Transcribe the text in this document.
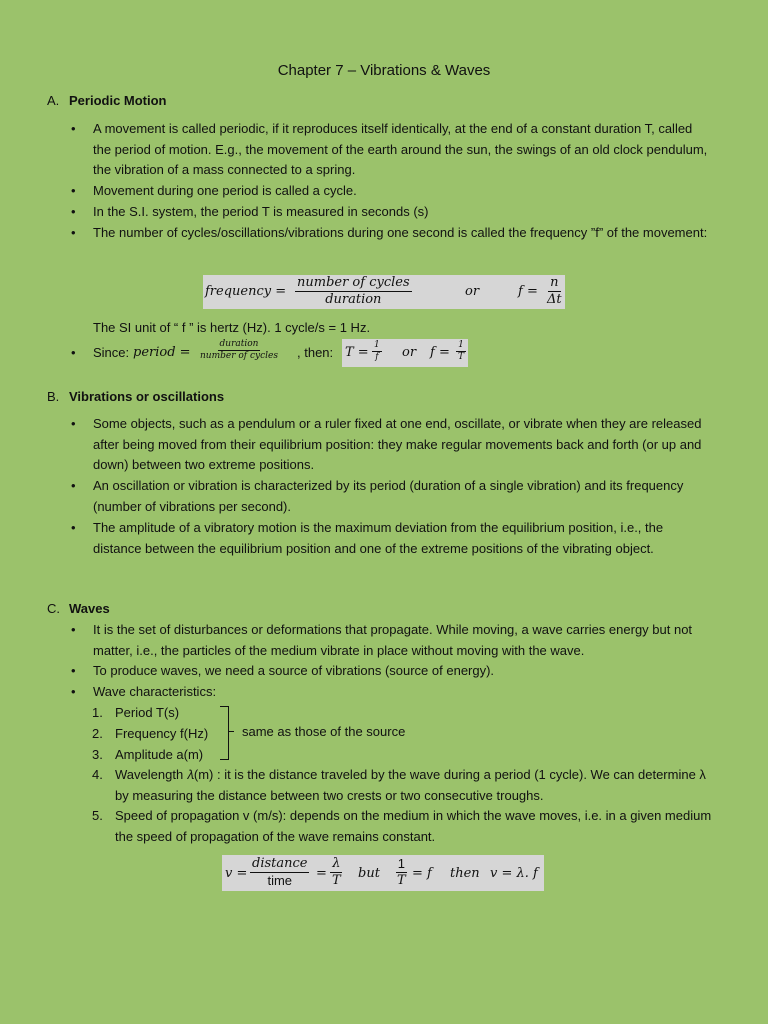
Chapter 7 – Vibrations & Waves
A. Periodic Motion
• A movement is called periodic, if it reproduces itself identically, at the end of a constant duration T, called the period of motion. E.g., the movement of the earth around the sun, the swings of an old clock pendulum, the vibration of a mass connected to a spring.
• Movement during one period is called a cycle.
• In the S.I. system, the period T is measured in seconds (s)
• The number of cycles/oscillations/vibrations during one second is called the frequency ”f” of the movement:
frequency =
number of cycles
duration
or	$f = \frac{n}{\Delta t}$
The SI unit of “ f ” is hertz (Hz). 1 cycle/s = 1 Hz.
• Since: period =
duration
number of cycles , then: $T = \frac{1}{f}$ or $f = \frac{1}{T}$
B. Vibrations or oscillations
• Some objects, such as a pendulum or a ruler fixed at one end, oscillate, or vibrate when they are released after being moved from their equilibrium position: they make regular movements back and forth (or up and down) between two extreme positions.
• An oscillation or vibration is characterized by its period (duration of a single vibration) and its frequency (number of vibrations per second).
• The amplitude of a vibratory motion is the maximum deviation from the equilibrium position, i.e., the distance between the equilibrium position and one of the extreme positions of the vibrating object.
C. Waves
• It is the set of disturbances or deformations that propagate. While moving, a wave carries energy but not matter, i.e., the particles of the medium vibrate in place without moving with the wave.
• To produce waves, we need a source of vibrations (source of energy).
• Wave characteristics:
1. Period T(s)
2. Frequency f(Hz)
3. Amplitude a(m)
same as those of the source
4. Wavelength 𝜆(m) : it is the distance traveled by the wave during a period (1 cycle). We can determine λ by measuring the distance between two crests or two consecutive troughs.
5. Speed of propagation v (m/s): depends on the medium in which the wave moves, i.e. in a given medium the speed of propagation of the wave remains constant.
v =
distance
time = $\frac{\lambda}{T}$ but $\frac{1}{T} = f$ then v = λ. f
